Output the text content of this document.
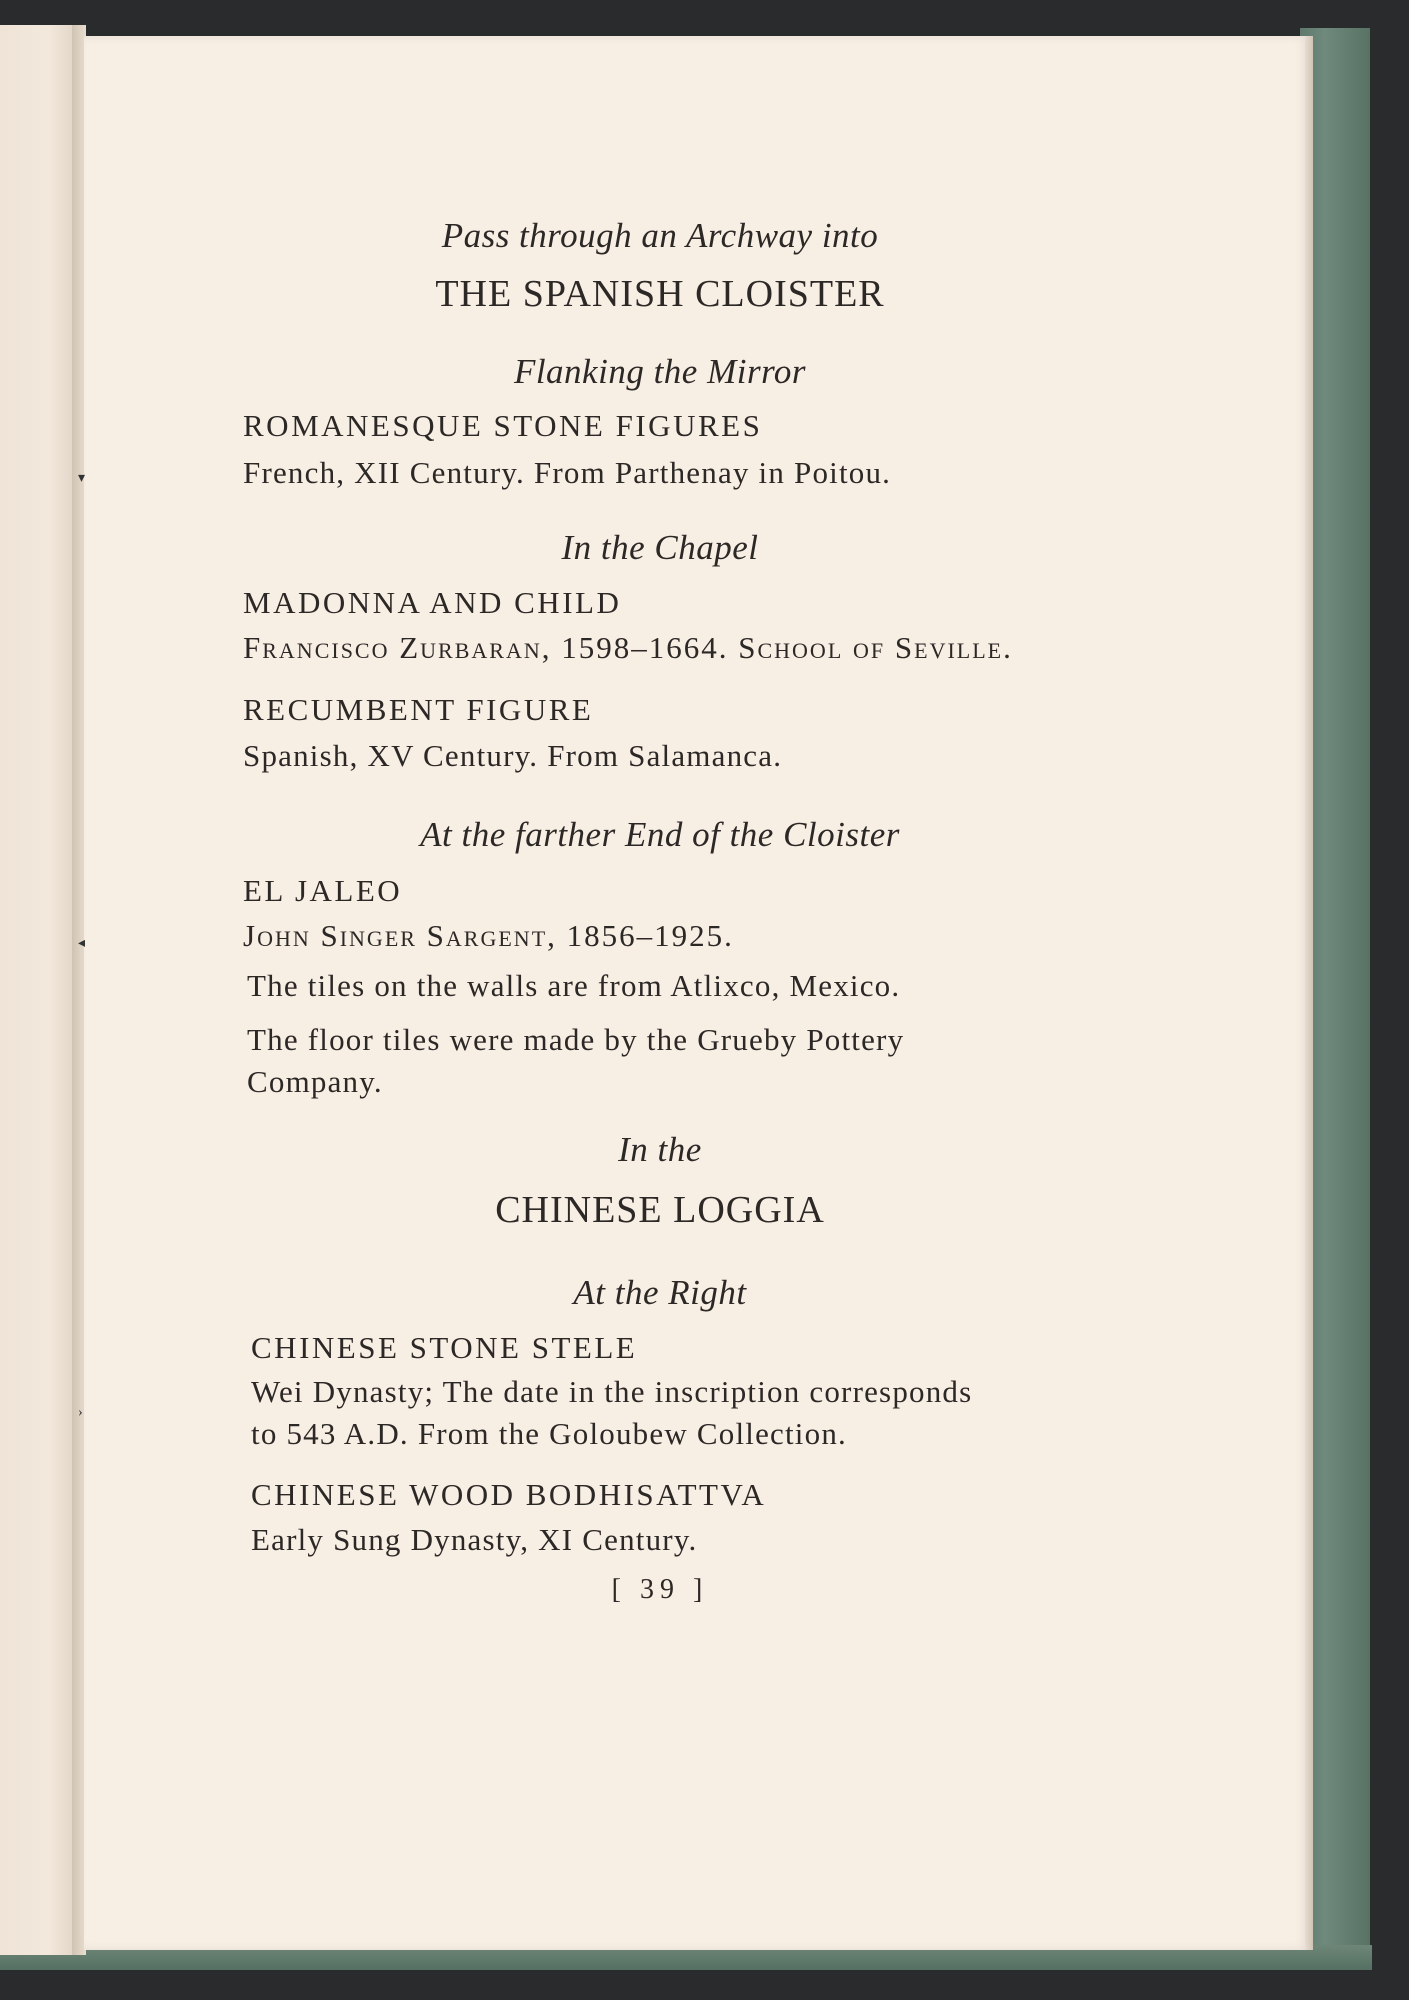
▾
◂
›
Pass through an Archway into
THE SPANISH CLOISTER
Flanking the Mirror
ROMANESQUE STONE FIGURES
French, XII Century. From Parthenay in Poitou.
In the Chapel
MADONNA AND CHILD
Francisco Zurbaran, 1598–1664. School of Seville.
RECUMBENT FIGURE
Spanish, XV Century. From Salamanca.
At the farther End of the Cloister
EL JALEO
John Singer Sargent, 1856–1925.
The tiles on the walls are from Atlixco, Mexico.
The floor tiles were made by the Grueby Pottery
Company.
In the
CHINESE LOGGIA
At the Right
CHINESE STONE STELE
Wei Dynasty; The date in the inscription corresponds
to 543 A.D. From the Goloubew Collection.
CHINESE WOOD BODHISATTVA
Early Sung Dynasty, XI Century.
[ 39 ]
